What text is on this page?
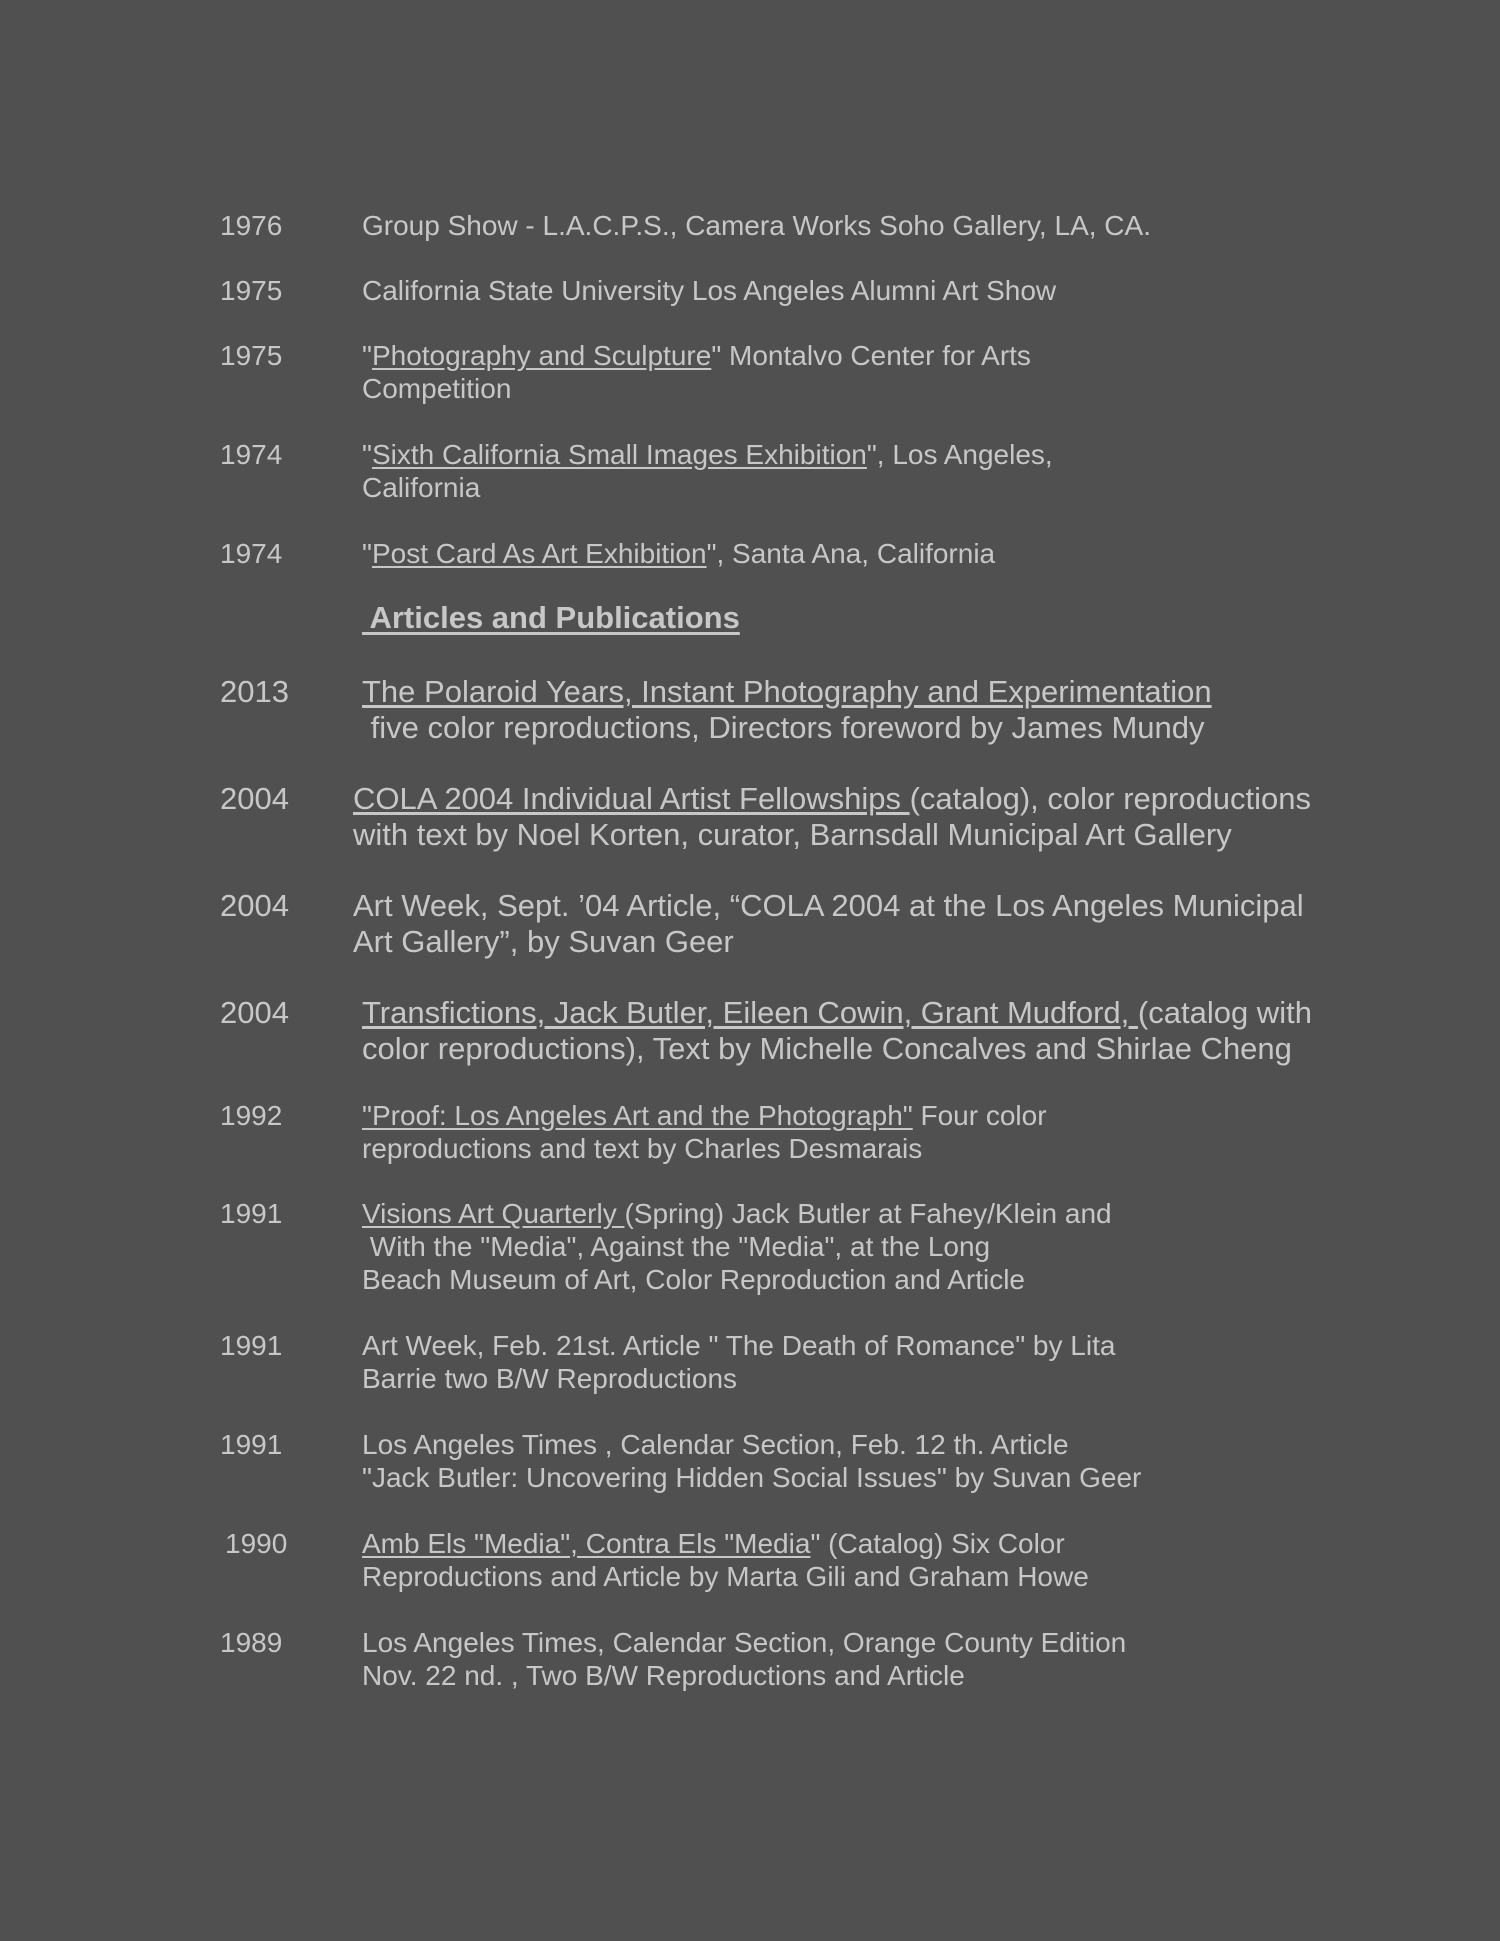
1976	Group Show - L.A.C.P.S., Camera Works Soho Gallery, LA, CA.
1975	California State University Los Angeles Alumni Art Show
1975	"Photography and Sculpture" Montalvo Center for Arts
Competition
1974	"Sixth California Small Images Exhibition", Los Angeles,
California
1974	"Post Card As Art Exhibition", Santa Ana, California
Articles and Publications
2013 The Polaroid Years, Instant Photography and Experimentation
five color reproductions, Directors foreword by James Mundy
2004 COLA 2004 Individual Artist Fellowships (catalog), color reproductions
with text by Noel Korten, curator, Barnsdall Municipal Art Gallery
2004 Art Week, Sept. ’04 Article, “COLA 2004 at the Los Angeles Municipal
Art Gallery”, by Suvan Geer
2004 Transfictions, Jack Butler, Eileen Cowin, Grant Mudford, (catalog with
color reproductions), Text by Michelle Concalves and Shirlae Cheng
1992	"Proof: Los Angeles Art and the Photograph" Four color
reproductions and text by Charles Desmarais
1991	Visions Art Quarterly (Spring) Jack Butler at Fahey/Klein and
With the "Media", Against the "Media", at the Long
Beach Museum of Art, Color Reproduction and Article
1991	Art Week, Feb. 21st. Article " The Death of Romance" by Lita
Barrie two B/W Reproductions
1991	Los Angeles Times , Calendar Section, Feb. 12 th. Article
"Jack Butler: Uncovering Hidden Social Issues" by Suvan Geer
1990	Amb Els "Media", Contra Els "Media" (Catalog) Six Color
Reproductions and Article by Marta Gili and Graham Howe
1989	Los Angeles Times, Calendar Section, Orange County Edition
Nov. 22 nd. , Two B/W Reproductions and Article
